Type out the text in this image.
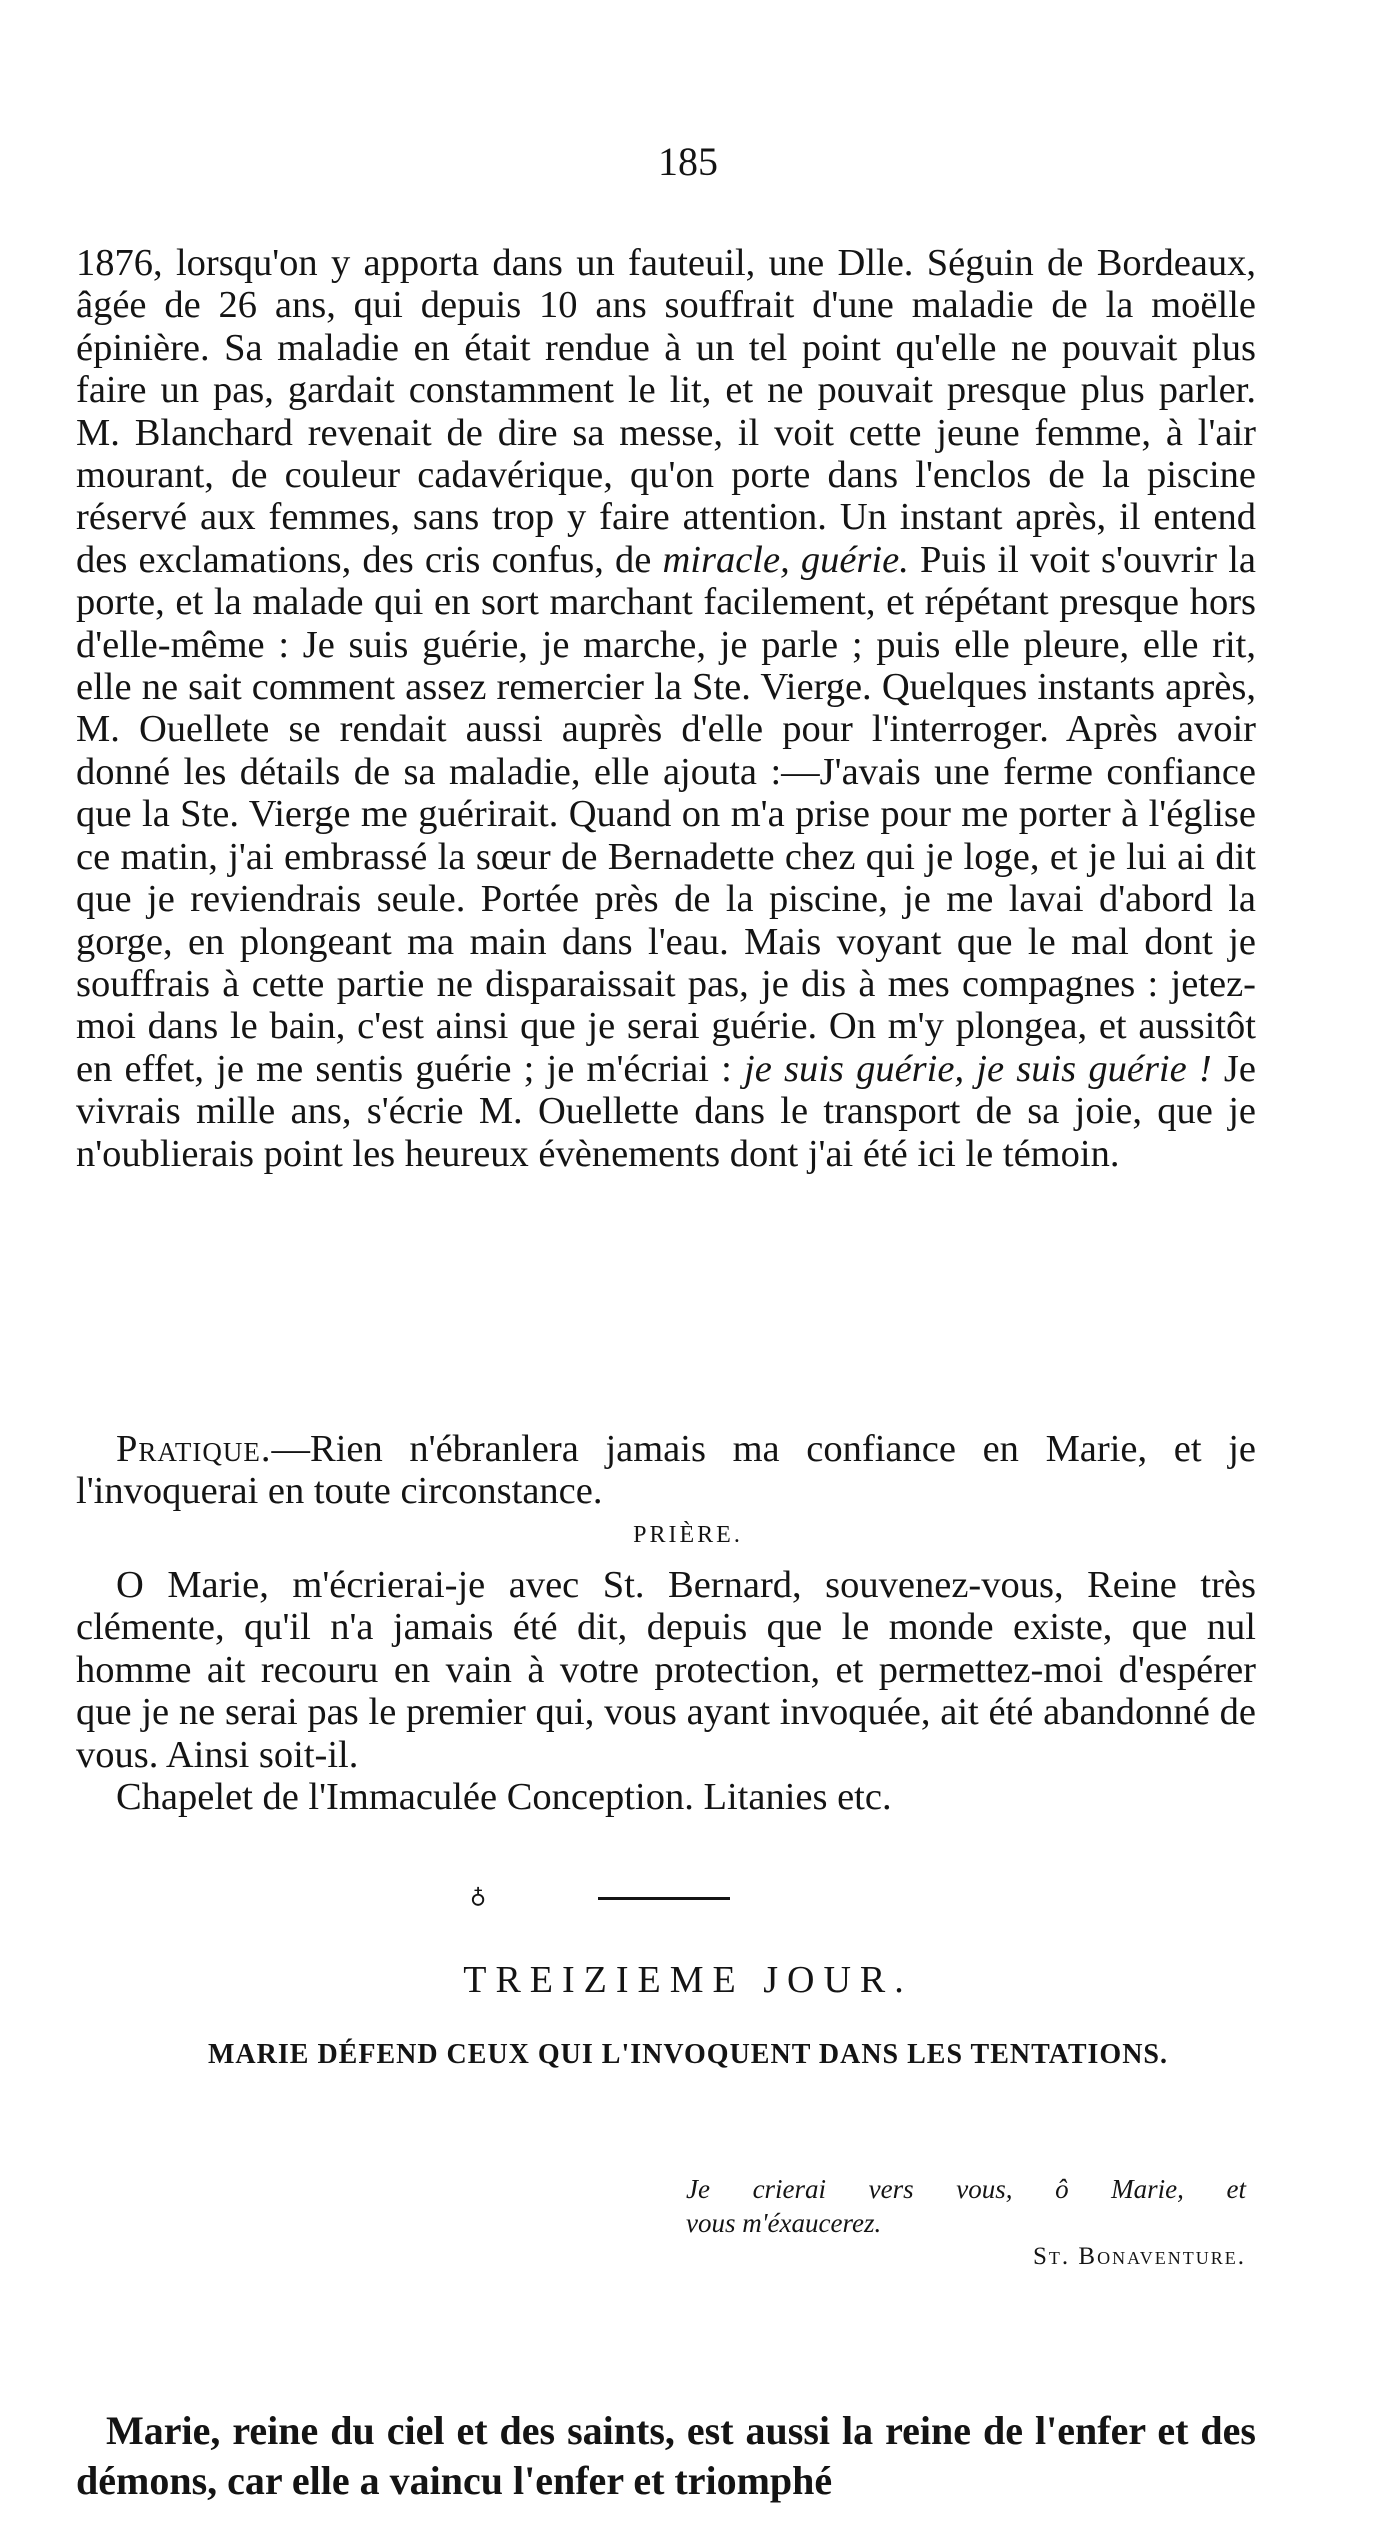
185

1876, lorsqu'on y apporta dans un fauteuil, une Dlle. Séguin de Bordeaux, âgée de 26 ans, qui depuis 10 ans souffrait d'une maladie de la moëlle épinière. Sa maladie en était rendue à un tel point qu'elle ne pouvait plus faire un pas, gardait constamment le lit, et ne pouvait presque plus parler. M. Blanchard revenait de dire sa messe, il voit cette jeune femme, à l'air mourant, de couleur cadavérique, qu'on porte dans l'enclos de la piscine réservé aux femmes, sans trop y faire attention. Un instant après, il entend des exclamations, des cris confus, de miracle, guérie. Puis il voit s'ouvrir la porte, et la malade qui en sort marchant facilement, et répétant presque hors d'elle-même : Je suis guérie, je marche, je parle ; puis elle pleure, elle rit, elle ne sait comment assez remercier la Ste. Vierge. Quelques instants après, M. Ouellete se rendait aussi auprès d'elle pour l'interroger. Après avoir donné les détails de sa maladie, elle ajouta :—J'avais une ferme confiance que la Ste. Vierge me guérirait. Quand on m'a prise pour me porter à l'église ce matin, j'ai embrassé la sœur de Bernadette chez qui je loge, et je lui ai dit que je reviendrais seule. Portée près de la piscine, je me lavai d'abord la gorge, en plongeant ma main dans l'eau. Mais voyant que le mal dont je souffrais à cette partie ne disparaissait pas, je dis à mes compagnes : jetez-moi dans le bain, c'est ainsi que je serai guérie. On m'y plongea, et aussitôt en effet, je me sentis guérie ; je m'écriai : je suis guérie, je suis guérie ! Je vivrais mille ans, s'écrie M. Ouellette dans le transport de sa joie, que je n'oublierais point les heureux évènements dont j'ai été ici le témoin.

Pratique.—Rien n'ébranlera jamais ma confiance en Marie, et je l'invoquerai en toute circonstance.

PRIÈRE.

O Marie, m'écrierai-je avec St. Bernard, souvenez-vous, Reine très clémente, qu'il n'a jamais été dit, depuis que le monde existe, que nul homme ait recouru en vain à votre protection, et permettez-moi d'espérer que je ne serai pas le premier qui, vous ayant invoquée, ait été abandonné de vous. Ainsi soit-il.

Chapelet de l'Immaculée Conception. Litanies etc.

♁
TREIZIEME JOUR.
MARIE DÉFEND CEUX QUI L'INVOQUENT DANS LES TENTATIONS.
Je crierai vers vous, ô Marie, et
vous m'éxaucerez.
St. Bonaventure.
Marie, reine du ciel et des saints, est aussi la reine de l'enfer et des démons, car elle a vaincu l'enfer et triomphé
